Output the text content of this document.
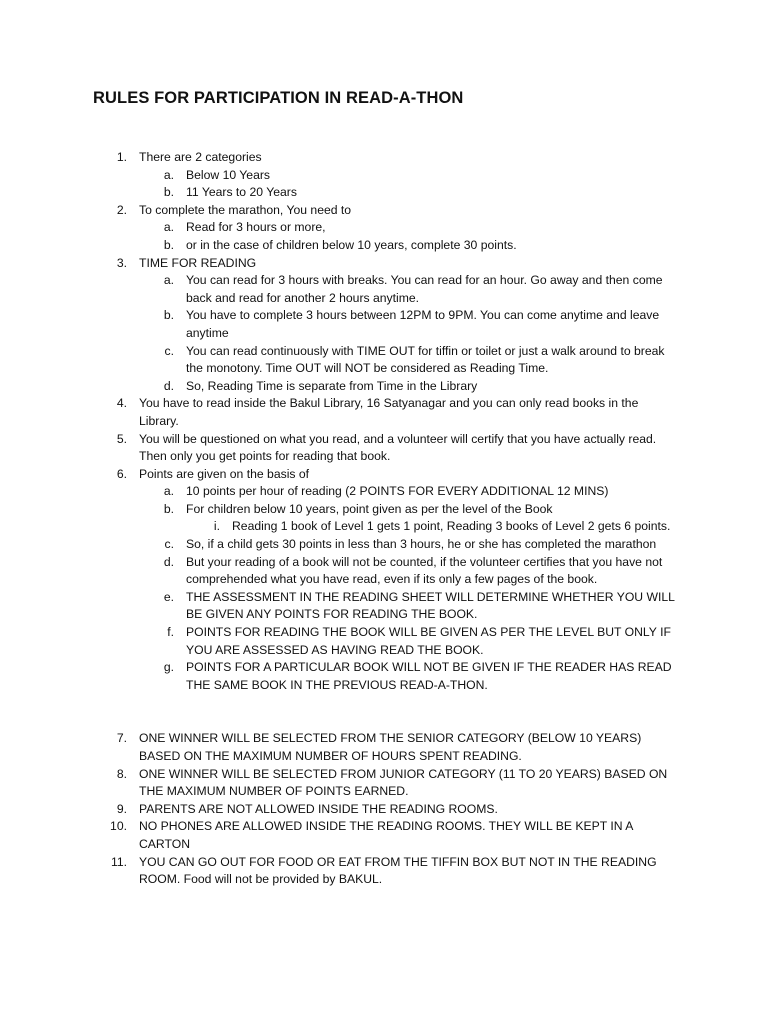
RULES FOR PARTICIPATION IN READ-A-THON
1. There are 2 categories
a. Below 10 Years
b. 11 Years to 20 Years
2. To complete the marathon, You need to
a. Read for 3 hours or more,
b. or in the case of children below 10 years, complete 30 points.
3. TIME FOR READING
a. You can read for 3 hours with breaks. You can read for an hour. Go away and then come back and read for another 2 hours anytime.
b. You have to complete 3 hours between 12PM to 9PM. You can come anytime and leave anytime
c. You can read continuously with TIME OUT for tiffin or toilet or just a walk around to break the monotony. Time OUT will NOT be considered as Reading Time.
d. So, Reading Time is separate from Time in the Library
4. You have to read inside the Bakul Library, 16 Satyanagar and you can only read books in the Library.
5. You will be questioned on what you read, and a volunteer will certify that you have actually read. Then only you get points for reading that book.
6. Points are given on the basis of
a. 10 points per hour of reading (2 POINTS FOR EVERY ADDITIONAL 12 MINS)
b. For children below 10 years, point given as per the level of the Book
i. Reading 1 book of Level 1 gets 1 point, Reading 3 books of Level 2 gets 6 points.
c. So, if a child gets 30 points in less than 3 hours, he or she has completed the marathon
d. But your reading of a book will not be counted, if the volunteer certifies that you have not comprehended what you have read, even if its only a few pages of the book.
e. THE ASSESSMENT IN THE READING SHEET WILL DETERMINE WHETHER YOU WILL BE GIVEN ANY POINTS FOR READING THE BOOK.
f. POINTS FOR READING THE BOOK WILL BE GIVEN AS PER THE LEVEL BUT ONLY IF YOU ARE ASSESSED AS HAVING READ THE BOOK.
g. POINTS FOR A PARTICULAR BOOK WILL NOT BE GIVEN IF THE READER HAS READ THE SAME BOOK IN THE PREVIOUS READ-A-THON.
7. ONE WINNER WILL BE SELECTED FROM THE SENIOR CATEGORY (BELOW 10 YEARS) BASED ON THE MAXIMUM NUMBER OF HOURS SPENT READING.
8. ONE WINNER WILL BE SELECTED FROM JUNIOR CATEGORY (11 TO 20 YEARS) BASED ON THE MAXIMUM NUMBER OF POINTS EARNED.
9. PARENTS ARE NOT ALLOWED INSIDE THE READING ROOMS.
10. NO PHONES ARE ALLOWED INSIDE THE READING ROOMS. THEY WILL BE KEPT IN A CARTON
11. YOU CAN GO OUT FOR FOOD OR EAT FROM THE TIFFIN BOX BUT NOT IN THE READING ROOM. Food will not be provided by BAKUL.
